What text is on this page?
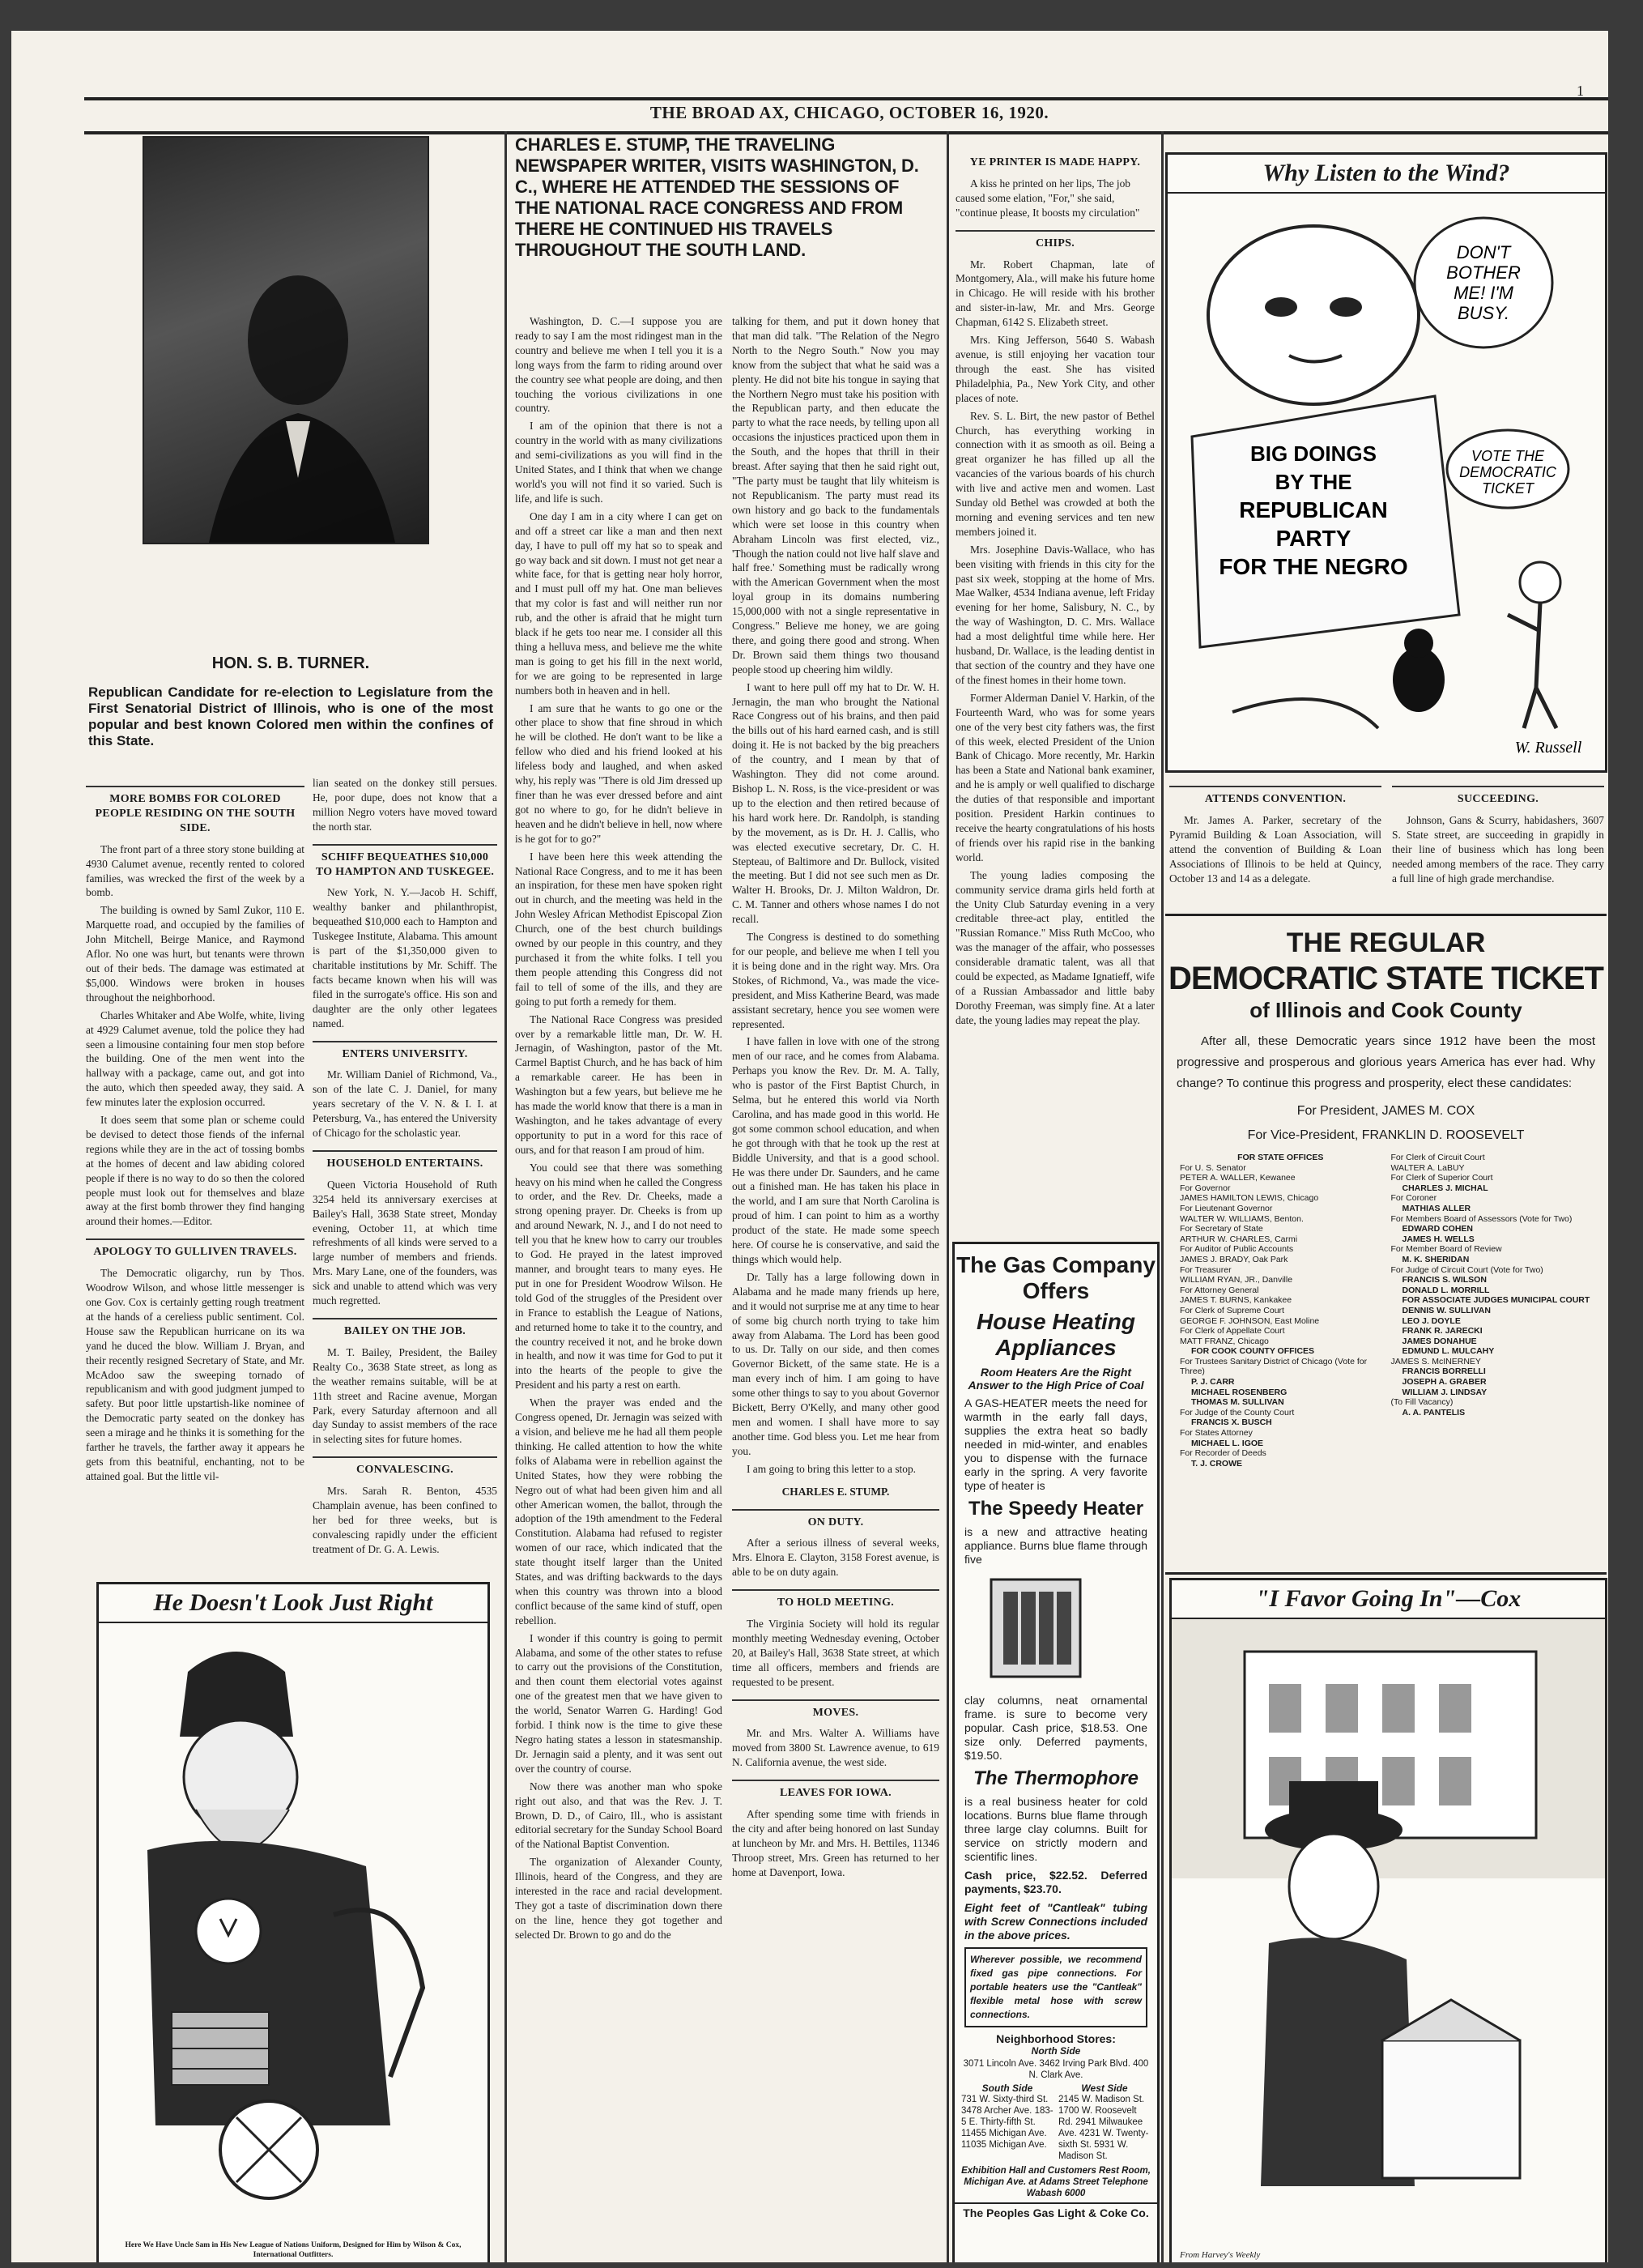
THE BROAD AX, CHICAGO, OCTOBER 16, 1920.
1
HON. S. B. TURNER.
Republican Candidate for re-election to Legislature from the First Senatorial District of Illinois, who is one of the most popular and best known Colored men within the confines of this State.
MORE BOMBS FOR COLORED PEOPLE RESIDING ON THE SOUTH SIDE.

The front part of a three story stone building at 4930 Calumet avenue, recently rented to colored families, was wrecked the first of the week by a bomb.

The building is owned by Saml Zukor, 110 E. Marquette road, and occupied by the families of John Mitchell, Beirge Manice, and Raymond Aflor. No one was hurt, but tenants were thrown out of their beds. The damage was estimated at $5,000. Windows were broken in houses throughout the neighborhood.

Charles Whitaker and Abe Wolfe, white, living at 4929 Calumet avenue, told the police they had seen a limousine containing four men stop before the building. One of the men went into the hallway with a package, came out, and got into the auto, which then speeded away, they said. A few minutes later the explosion occurred.

It does seem that some plan or scheme could be devised to detect those fiends of the infernal regions while they are in the act of tossing bombs at the homes of decent and law abiding colored people if there is no way to do so then the colored people must look out for themselves and blaze away at the first bomb thrower they find hanging around their homes.—Editor.

APOLOGY TO GULLIVEN TRAVELS.

The Democratic oligarchy, run by Thos. Woodrow Wilson, and whose little messenger is one Gov. Cox is certainly getting rough treatment at the hands of a cereliess public sentiment. Col. House saw the Republican hurricane on its wa yand he duced the blow. William J. Bryan, and their recently resigned Secretary of State, and Mr. McAdoo saw the sweeping tornado of republicanism and with good judgment jumped to safety. But poor little upstartish-like nominee of the Democratic party seated on the donkey has seen a mirage and he thinks it is something for the farther he travels, the farther away it appears he gets from this beatniful, enchanting, not to be attained goal. But the little vil-

lian seated on the donkey still persues. He, poor dupe, does not know that a million Negro voters have moved toward the north star.

SCHIFF BEQUEATHES $10,000 TO HAMPTON AND TUSKEGEE.

New York, N. Y.—Jacob H. Schiff, wealthy banker and philanthropist, bequeathed $10,000 each to Hampton and Tuskegee Institute, Alabama. This amount is part of the $1,350,000 given to charitable institutions by Mr. Schiff. The facts became known when his will was filed in the surrogate's office. His son and daughter are the only other legatees named.

ENTERS UNIVERSITY.

Mr. William Daniel of Richmond, Va., son of the late C. J. Daniel, for many years secretary of the V. N. & I. I. at Petersburg, Va., has entered the University of Chicago for the scholastic year.

HOUSEHOLD ENTERTAINS.

Queen Victoria Household of Ruth 3254 held its anniversary exercises at Bailey's Hall, 3638 State street, Monday evening, October 11, at which time refreshments of all kinds were served to a large number of members and friends. Mrs. Mary Lane, one of the founders, was sick and unable to attend which was very much regretted.

BAILEY ON THE JOB.

M. T. Bailey, President, the Bailey Realty Co., 3638 State street, as long as the weather remains suitable, will be at 11th street and Racine avenue, Morgan Park, every Saturday afternoon and all day Sunday to assist members of the race in selecting sites for future homes.

CONVALESCING.

Mrs. Sarah R. Benton, 4535 Champlain avenue, has been confined to her bed for three weeks, but is convalescing rapidly under the efficient treatment of Dr. G. A. Lewis.

He Doesn't Look Just Right
Here We Have Uncle Sam in His New League of Nations Uniform, Designed for Him by Wilson & Cox, International Outfitters.
CHARLES E. STUMP, THE TRAVELING NEWSPAPER WRITER, VISITS WASHINGTON, D. C., WHERE HE ATTENDED THE SESSIONS OF THE NATIONAL RACE CONGRESS AND FROM THERE HE CONTINUED HIS TRAVELS THROUGHOUT THE SOUTH LAND.

Washington, D. C.—I suppose you are ready to say I am the most ridingest man in the country and believe me when I tell you it is a long ways from the farm to riding around over the country see what people are doing, and then touching the vorious civilizations in one country.

I am of the opinion that there is not a country in the world with as many civilizations and semi-civilizations as you will find in the United States, and I think that when we change world's you will not find it so varied. Such is life, and life is such.

One day I am in a city where I can get on and off a street car like a man and then next day, I have to pull off my hat so to speak and go way back and sit down. I must not get near a white face, for that is getting near holy horror, and I must pull off my hat. One man believes that my color is fast and will neither run nor rub, and the other is afraid that he might turn black if he gets too near me. I consider all this thing a helluva mess, and believe me the white man is going to get his fill in the next world, for we are going to be represented in large numbers both in heaven and in hell.

I am sure that he wants to go one or the other place to show that fine shroud in which he will be clothed. He don't want to be like a fellow who died and his friend looked at his lifeless body and laughed, and when asked why, his reply was "There is old Jim dressed up finer than he was ever dressed before and aint got no where to go, for he didn't believe in heaven and he didn't believe in hell, now where is he got for to go?"

I have been here this week attending the National Race Congress, and to me it has been an inspiration, for these men have spoken right out in church, and the meeting was held in the John Wesley African Methodist Episcopal Zion Church, one of the best church buildings owned by our people in this country, and they purchased it from the white folks. I tell you them people attending this Congress did not fail to tell of some of the ills, and they are going to put forth a remedy for them.

The National Race Congress was presided over by a remarkable little man, Dr. W. H. Jernagin, of Washington, pastor of the Mt. Carmel Baptist Church, and he has back of him a remarkable career. He has been in Washington but a few years, but believe me he has made the world know that there is a man in Washington, and he takes advantage of every opportunity to put in a word for this race of ours, and for that reason I am proud of him.

You could see that there was something heavy on his mind when he called the Congress to order, and the Rev. Dr. Cheeks, made a strong opening prayer. Dr. Cheeks is from up and around Newark, N. J., and I do not need to tell you that he knew how to carry our troubles to God. He prayed in the latest improved manner, and brought tears to many eyes. He put in one for President Woodrow Wilson. He told God of the struggles of the President over in France to establish the League of Nations, and returned home to take it to the country, and the country received it not, and he broke down in health, and now it was time for God to put it into the hearts of the people to give the President and his party a rest on earth.

When the prayer was ended and the Congress opened, Dr. Jernagin was seized with a vision, and believe me he had all them people thinking. He called attention to how the white folks of Alabama were in rebellion against the United States, how they were robbing the Negro out of what had been given him and all other American women, the ballot, through the adoption of the 19th amendment to the Federal Constitution. Alabama had refused to register women of our race, which indicated that the state thought itself larger than the United States, and was drifting backwards to the days when this country was thrown into a blood conflict because of the same kind of stuff, open rebellion.

I wonder if this country is going to permit Alabama, and some of the other states to refuse to carry out the provisions of the Constitution, and then count them electorial votes against one of the greatest men that we have given to the world, Senator Warren G. Harding! God forbid. I think now is the time to give these Negro hating states a lesson in statesmanship. Dr. Jernagin said a plenty, and it was sent out over the country of course.

Now there was another man who spoke right out also, and that was the Rev. J. T. Brown, D. D., of Cairo, Ill., who is assistant editorial secretary for the Sunday School Board of the National Baptist Convention.

The organization of Alexander County, Illinois, heard of the Congress, and they are interested in the race and racial development. They got a taste of discrimination down there on the line, hence they got together and selected Dr. Brown to go and do the

talking for them, and put it down honey that that man did talk. "The Relation of the Negro North to the Negro South." Now you may know from the subject that what he said was a plenty. He did not bite his tongue in saying that the Northern Negro must take his position with the Republican party, and then educate the party to what the race needs, by telling upon all occasions the injustices practiced upon them in the South, and the hopes that thrill in their breast. After saying that then he said right out, "The party must be taught that lily whiteism is not Republicanism. The party must read its own history and go back to the fundamentals which were set loose in this country when Abraham Lincoln was first elected, viz., 'Though the nation could not live half slave and half free.' Something must be radically wrong with the American Government when the most loyal group in its domains numbering 15,000,000 with not a single representative in Congress." Believe me honey, we are going there, and going there good and strong. When Dr. Brown said them things two thousand people stood up cheering him wildly.

I want to here pull off my hat to Dr. W. H. Jernagin, the man who brought the National Race Congress out of his brains, and then paid the bills out of his hard earned cash, and is still doing it. He is not backed by the big preachers of the country, and I mean by that of Washington. They did not come around. Bishop L. N. Ross, is the vice-president or was up to the election and then retired because of his hard work here. Dr. Randolph, is standing by the movement, as is Dr. H. J. Callis, who was elected executive secretary, Dr. C. H. Stepteau, of Baltimore and Dr. Bullock, visited the meeting. But I did not see such men as Dr. Walter H. Brooks, Dr. J. Milton Waldron, Dr. C. M. Tanner and others whose names I do not recall.

The Congress is destined to do something for our people, and believe me when I tell you it is being done and in the right way. Mrs. Ora Stokes, of Richmond, Va., was made the vice-president, and Miss Katherine Beard, was made assistant secretary, hence you see women were represented.

I have fallen in love with one of the strong men of our race, and he comes from Alabama. Perhaps you know the Rev. Dr. M. A. Tally, who is pastor of the First Baptist Church, in Selma, but he entered this world via North Carolina, and has made good in this world. He got some common school education, and when he got through with that he took up the rest at Biddle University, and that is a good school. He was there under Dr. Saunders, and he came out a finished man. He has taken his place in the world, and I am sure that North Carolina is proud of him. I can point to him as a worthy product of the state. He made some speech here. Of course he is conservative, and said the things which would help.

Dr. Tally has a large following down in Alabama and he made many friends up here, and it would not surprise me at any time to hear of some big church north trying to take him away from Alabama. The Lord has been good to us. Dr. Tally on our side, and then comes Governor Bickett, of the same state. He is a man every inch of him. I am going to have some other things to say to you about Governor Bickett, Berry O'Kelly, and many other good men and women. I shall have more to say another time. God bless you. Let me hear from you.

I am going to bring this letter to a stop.

CHARLES E. STUMP.

ON DUTY.

After a serious illness of several weeks, Mrs. Elnora E. Clayton, 3158 Forest avenue, is able to be on duty again.

TO HOLD MEETING.

The Virginia Society will hold its regular monthly meeting Wednesday evening, October 20, at Bailey's Hall, 3638 State street, at which time all officers, members and friends are requested to be present.

MOVES.

Mr. and Mrs. Walter A. Williams have moved from 3800 St. Lawrence avenue, to 619 N. California avenue, the west side.

LEAVES FOR IOWA.

After spending some time with friends in the city and after being honored on last Sunday at luncheon by Mr. and Mrs. H. Bettiles, 11346 Throop street, Mrs. Green has returned to her home at Davenport, Iowa.

YE PRINTER IS MADE HAPPY.

A kiss he printed on her lips, The job caused some elation, "For," she said, "continue please, It boosts my circulation"

CHIPS.

Mr. Robert Chapman, late of Montgomery, Ala., will make his future home in Chicago. He will reside with his brother and sister-in-law, Mr. and Mrs. George Chapman, 6142 S. Elizabeth street.

Mrs. King Jefferson, 5640 S. Wabash avenue, is still enjoying her vacation tour through the east. She has visited Philadelphia, Pa., New York City, and other places of note.

Rev. S. L. Birt, the new pastor of Bethel Church, has everything working in connection with it as smooth as oil. Being a great organizer he has filled up all the vacancies of the various boards of his church with live and active men and women. Last Sunday old Bethel was crowded at both the morning and evening services and ten new members joined it.

Mrs. Josephine Davis-Wallace, who has been visiting with friends in this city for the past six week, stopping at the home of Mrs. Mae Walker, 4534 Indiana avenue, left Friday evening for her home, Salisbury, N. C., by the way of Washington, D. C. Mrs. Wallace had a most delightful time while here. Her husband, Dr. Wallace, is the leading dentist in that section of the country and they have one of the finest homes in their home town.

Former Alderman Daniel V. Harkin, of the Fourteenth Ward, who was for some years one of the very best city fathers was, the first of this week, elected President of the Union Bank of Chicago. More recently, Mr. Harkin has been a State and National bank examiner, and he is amply or well qualified to discharge the duties of that responsible and important position. President Harkin continues to receive the hearty congratulations of his hosts of friends over his rapid rise in the banking world.

The young ladies composing the community service drama girls held forth at the Unity Club Saturday evening in a very creditable three-act play, entitled the "Russian Romance." Miss Ruth McCoo, who was the manager of the affair, who possesses considerable dramatic talent, was all that could be expected, as Madame Ignatieff, wife of a Russian Ambassador and little baby Dorothy Freeman, was simply fine. At a later date, the young ladies may repeat the play.

The Gas Company Offers
House Heating Appliances
Room Heaters Are the Right Answer to the High Price of Coal
A GAS-HEATER meets the need for warmth in the early fall days, supplies the extra heat so badly needed in mid-winter, and enables you to dispense with the furnace early in the spring. A very favorite type of heater is
The Speedy Heater
is a new and attractive heating appliance. Burns blue flame through five
clay columns, neat ornamental frame. is sure to become very popular. Cash price, $18.53. One size only. Deferred payments, $19.50.
The Thermophore
is a real business heater for cold locations. Burns blue flame through three large clay columns. Built for service on strictly modern and scientific lines.
Cash price, $22.52. Deferred payments, $23.70.
Eight feet of "Cantleak" tubing with Screw Connections included in the above prices.
Wherever possible, we recommend fixed gas pipe connections. For portable heaters use the "Cantleak" flexible metal hose with screw connections.
Neighborhood Stores:
North Side
3071 Lincoln Ave. 3462 Irving Park Blvd. 400 N. Clark Ave.
South Side
731 W. Sixty-third St. 3478 Archer Ave. 183-5 E. Thirty-fifth St. 11455 Michigan Ave. 11035 Michigan Ave.
West Side
2145 W. Madison St. 1700 W. Roosevelt Rd. 2941 Milwaukee Ave. 4231 W. Twenty-sixth St. 5931 W. Madison St.
Exhibition Hall and Customers Rest Room, Michigan Ave. at Adams Street Telephone Wabash 6000
The Peoples Gas Light & Coke Co.
Why Listen to the Wind?
DON'T
BOTHER
ME! I'M
BUSY.
BIG DOINGS
BY THE
REPUBLICAN
PARTY
FOR THE NEGRO
VOTE THE
DEMOCRATIC
TICKET
W. Russell
ATTENDS CONVENTION.

Mr. James A. Parker, secretary of the Pyramid Building & Loan Association, will attend the convention of Building & Loan Associations of Illinois to be held at Quincy, October 13 and 14 as a delegate.

SUCCEEDING.

Johnson, Gans & Scurry, habidashers, 3607 S. State street, are succeeding in grapidly in their line of business which has long been needed among members of the race. They carry a full line of high grade merchandise.

THE REGULAR
DEMOCRATIC STATE TICKET
of Illinois and Cook County
After all, these Democratic years since 1912 have been the most progressive and prosperous and glorious years America has ever had. Why change? To continue this progress and prosperity, elect these candidates:
For President, JAMES M. COX
For Vice-President, FRANKLIN D. ROOSEVELT
FOR STATE OFFICES
For U. S. Senator
PETER A. WALLER, Kewanee
For Governor
JAMES HAMILTON LEWIS, Chicago
For Lieutenant Governor
WALTER W. WILLIAMS, Benton.
For Secretary of State
ARTHUR W. CHARLES, Carmi
For Auditor of Public Accounts
JAMES J. BRADY, Oak Park
For Treasurer
WILLIAM RYAN, JR., Danville
For Attorney General
JAMES T. BURNS, Kankakee
For Clerk of Supreme Court
GEORGE F. JOHNSON, East Moline
For Clerk of Appellate Court
MATT FRANZ, Chicago
FOR COOK COUNTY OFFICES
For Trustees Sanitary District of Chicago (Vote for Three)
P. J. CARR
MICHAEL ROSENBERG
THOMAS M. SULLIVAN
For Judge of the County Court
FRANCIS X. BUSCH
For States Attorney
MICHAEL L. IGOE
For Recorder of Deeds
T. J. CROWE
For Clerk of Circuit Court
WALTER A. LaBUY
For Clerk of Superior Court
CHARLES J. MICHAL
For Coroner
MATHIAS ALLER
For Members Board of Assessors (Vote for Two)
EDWARD COHEN
JAMES H. WELLS
For Member Board of Review
M. K. SHERIDAN
For Judge of Circuit Court (Vote for Two)
FRANCIS S. WILSON
DONALD L. MORRILL
FOR ASSOCIATE JUDGES MUNICIPAL COURT
DENNIS W. SULLIVAN
LEO J. DOYLE
FRANK R. JARECKI
JAMES DONAHUE
EDMUND L. MULCAHY
JAMES S. McINERNEY
FRANCIS BORRELLI
JOSEPH A. GRABER
WILLIAM J. LINDSAY
(To Fill Vacancy)
A. A. PANTELIS
"I Favor Going In"—Cox
From Harvey's Weekly
